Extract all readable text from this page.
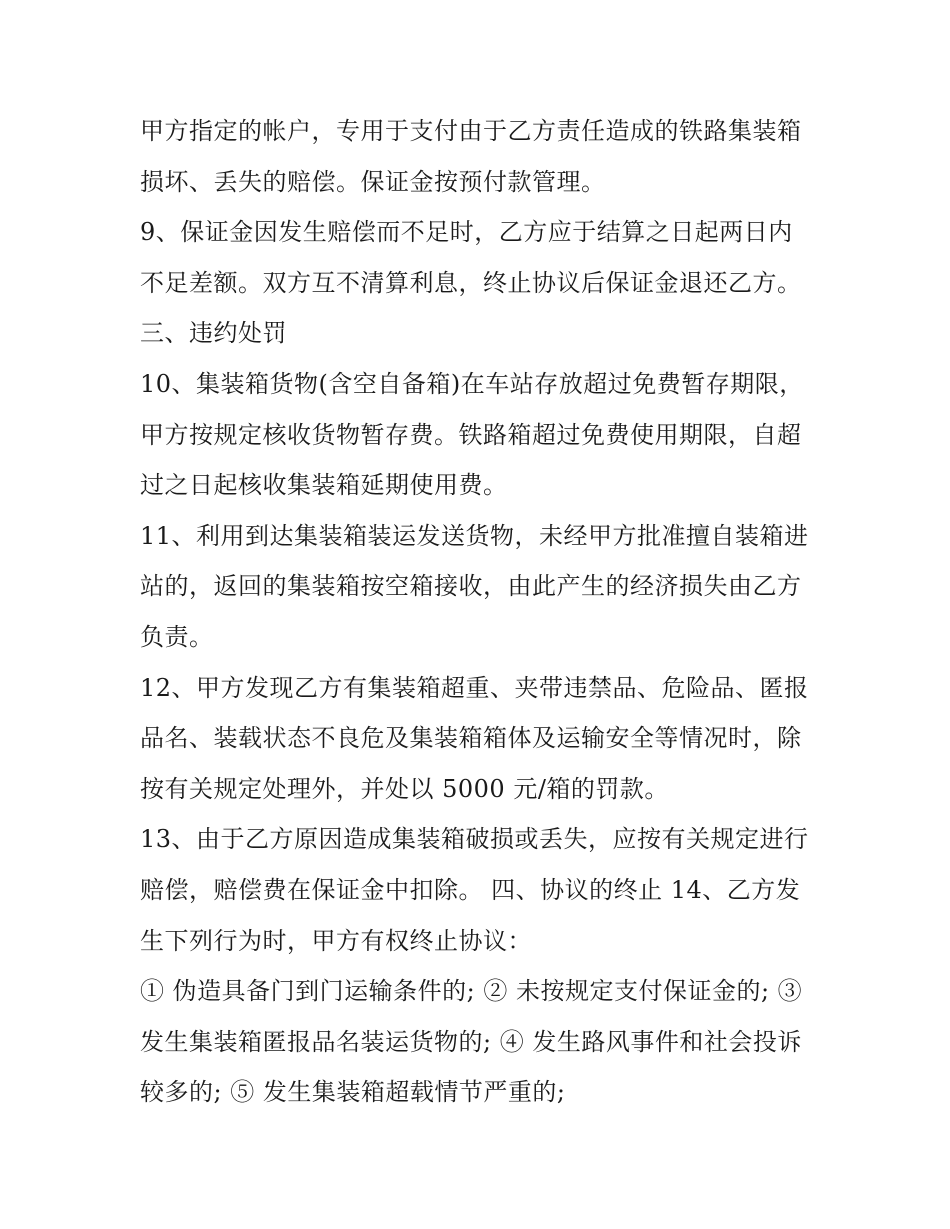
甲方指定的帐户，专用于支付由于乙方责任造成的铁路集装箱
损坏、丢失的赔偿。保证金按预付款管理。
9、保证金因发生赔偿而不足时，乙方应于结算之日起两日内
不足差额。双方互不清算利息，终止协议后保证金退还乙方。
三、违约处罚
10、集装箱货物(含空自备箱)在车站存放超过免费暂存期限，
甲方按规定核收货物暂存费。铁路箱超过免费使用期限，自超
过之日起核收集装箱延期使用费。
11、利用到达集装箱装运发送货物，未经甲方批准擅自装箱进
站的，返回的集装箱按空箱接收，由此产生的经济损失由乙方
负责。
12、甲方发现乙方有集装箱超重、夹带违禁品、危险品、匿报
品名、装载状态不良危及集装箱箱体及运输安全等情况时，除
按有关规定处理外，并处以 5000 元/箱的罚款。
13、由于乙方原因造成集装箱破损或丢失，应按有关规定进行
赔偿，赔偿费在保证金中扣除。 四、协议的终止 14、乙方发
生下列行为时，甲方有权终止协议：
① 伪造具备门到门运输条件的; ② 未按规定支付保证金的; ③
发生集装箱匿报品名装运货物的; ④ 发生路风事件和社会投诉
较多的; ⑤ 发生集装箱超载情节严重的;
